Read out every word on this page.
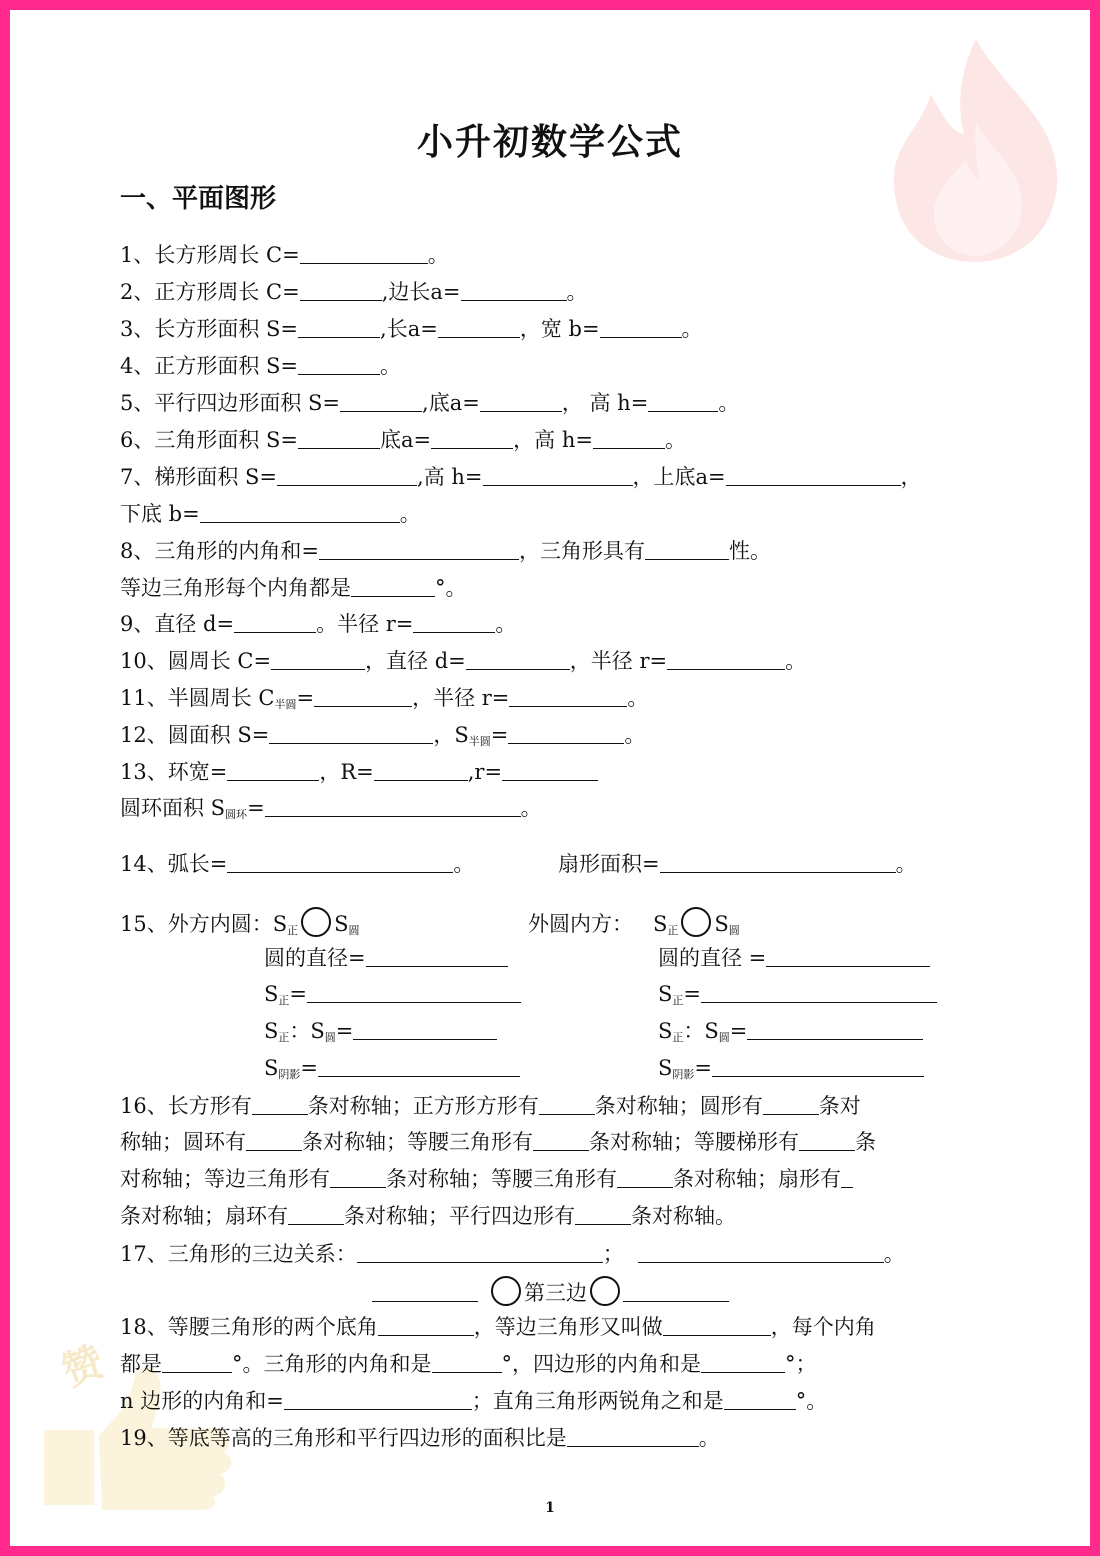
赞
小升初数学公式
一、平面图形
1、长方形周长 C=	。
2、正方形周长 C=	,边长a=	。
3、长方形面积 S=	,长a=	，宽 b=	。
4、正方形面积 S=	。
5、平行四边形面积 S=	,底a=	， 高 h=	。
6、三角形面积 S=	底a=	，高 h=	。
7、梯形面积 S=	,高 h=	，上底a=	，
下底 b=	。
8、三角形的内角和=	，三角形具有	性。
等边三角形每个内角都是	°。
9、直径 d=	。半径 r=	。
10、圆周长 C=	，直径 d=	，半径 r=	。
11、半圆周长 $C_{半圆}=$	，半径 r=	。
12、圆面积 S=	，$S_{半圆}=$	。
13、环宽=	，R=	,r=
圆环面积 $S_{圆环}=$	。
14、弧长=	。	扇形面积=	。
15、外方内圆：$S_正$ $S_圆$
圆的直径=
$S_正=$
$S_正$：$S_圆=$
$S_{阴影}=$
外圆内方： $S_正$ $S_圆$
圆的直径 =
$S_正=$
$S_正$：$S_圆=$
$S_{阴影}=$
16、长方形有	条对称轴；正方形方形有	条对称轴；圆形有	条对
称轴；圆环有	条对称轴；等腰三角形有	条对称轴；等腰梯形有	条
对称轴；等边三角形有	条对称轴；等腰三角形有	条对称轴；扇形有
条对称轴；扇环有	条对称轴；平行四边形有	条对称轴。
17、三角形的三边关系：	；	。
第三边
18、等腰三角形的两个底角	，等边三角形又叫做	，每个内角
都是	°。三角形的内角和是	°，四边形的内角和是	°；
n 边形的内角和=	；直角三角形两锐角之和是	°。
19、等底等高的三角形和平行四边形的面积比是	。
1
